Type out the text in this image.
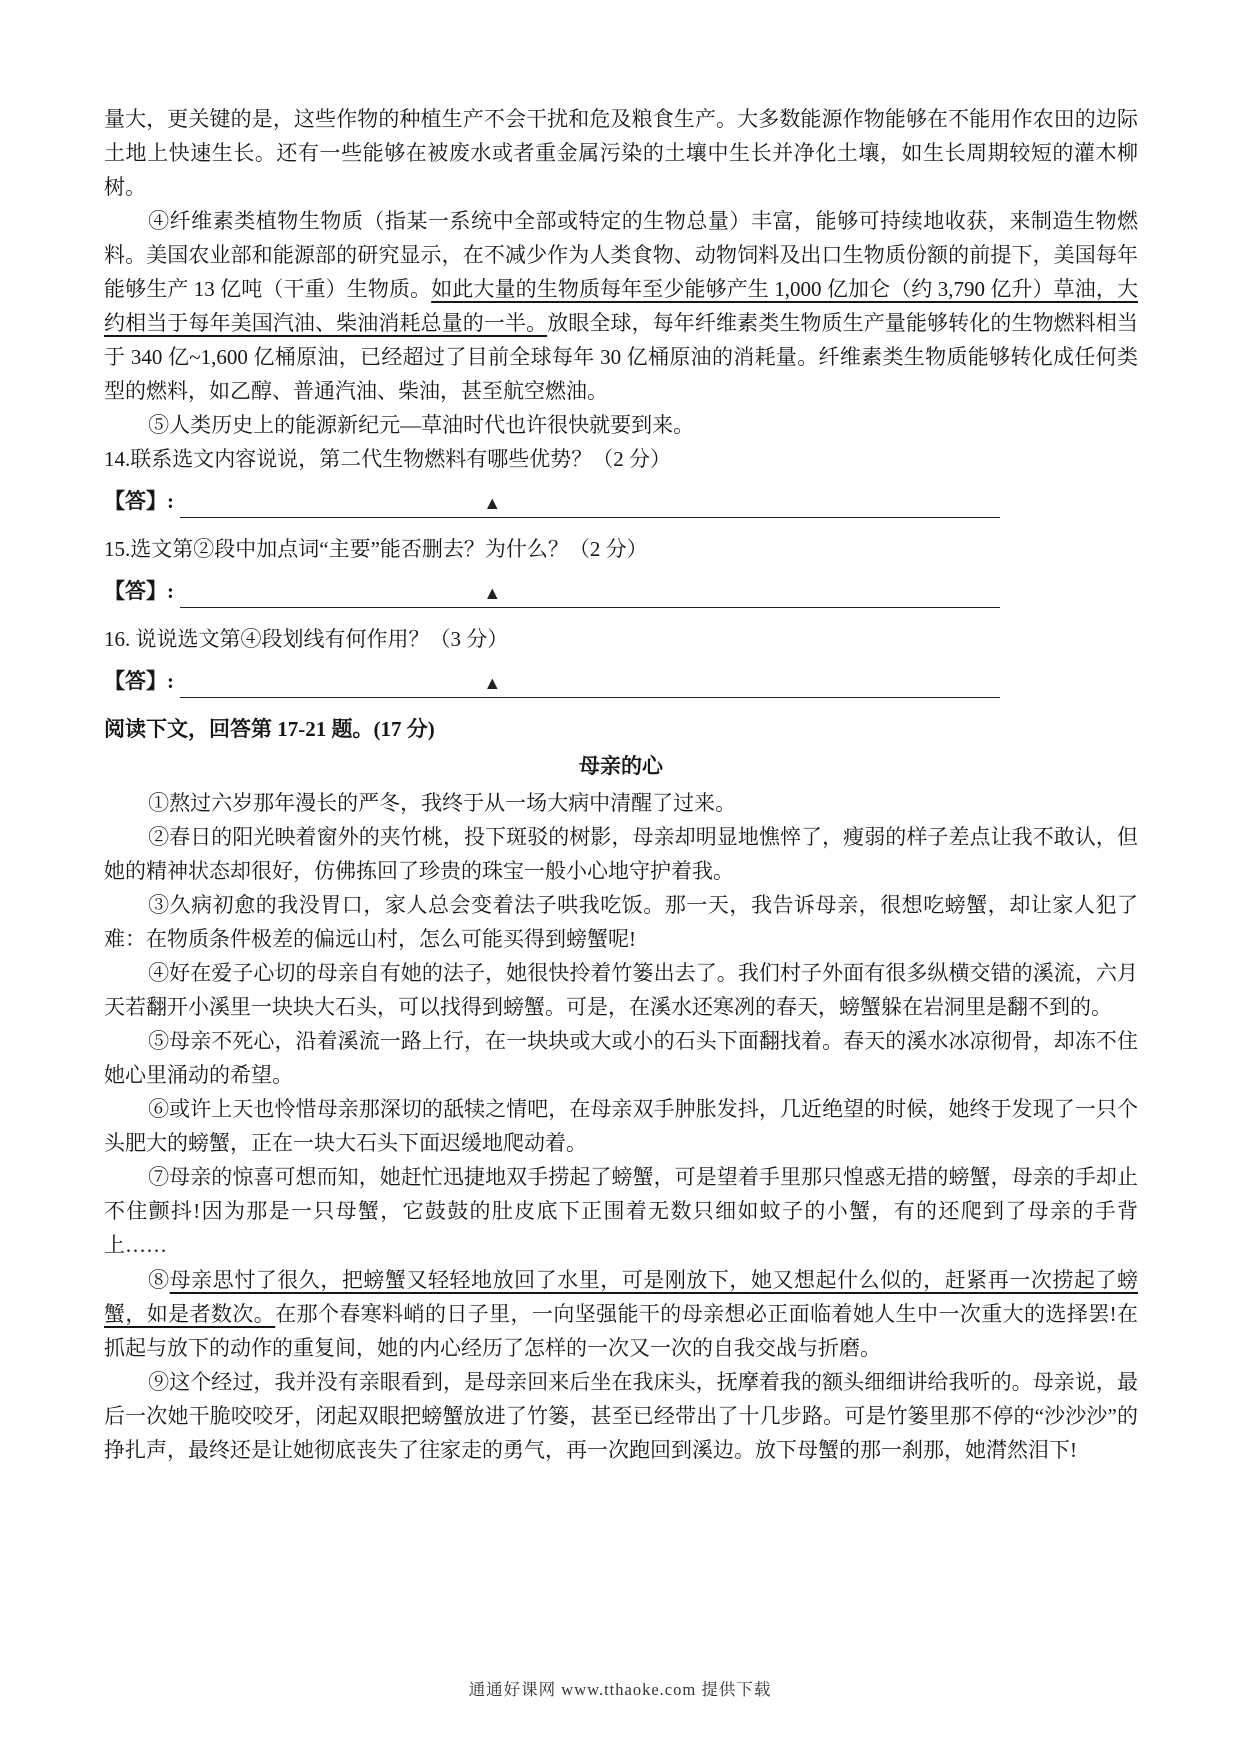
量大，更关键的是，这些作物的种植生产不会干扰和危及粮食生产。大多数能源作物能够在不能用作农田的边际土地上快速生长。还有一些能够在被废水或者重金属污染的土壤中生长并净化土壤，如生长周期较短的灌木柳树。

④纤维素类植物生物质（指某一系统中全部或特定的生物总量）丰富，能够可持续地收获，来制造生物燃料。美国农业部和能源部的研究显示，在不减少作为人类食物、动物饲料及出口生物质份额的前提下，美国每年能够生产 13 亿吨（干重）生物质。如此大量的生物质每年至少能够产生 1,000 亿加仑（约 3,790 亿升）草油，大约相当于每年美国汽油、柴油消耗总量的一半。放眼全球，每年纤维素类生物质生产量能够转化的生物燃料相当于 340 亿~1,600 亿桶原油，已经超过了目前全球每年 30 亿桶原油的消耗量。纤维素类生物质能够转化成任何类型的燃料，如乙醇、普通汽油、柴油，甚至航空燃油。

⑤人类历史上的能源新纪元—草油时代也许很快就要到来。

14.联系选文内容说说，第二代生物燃料有哪些优势？（2 分）

【答】:	▲

15.选文第②段中加点词“主要”能否删去？为什么？（2 分）

【答】:	▲

16. 说说选文第④段划线有何作用？（3 分）

【答】:	▲

阅读下文，回答第 17-21 题。(17 分)

母亲的心

①熬过六岁那年漫长的严冬，我终于从一场大病中清醒了过来。

②春日的阳光映着窗外的夹竹桃，投下斑驳的树影，母亲却明显地憔悴了，瘦弱的样子差点让我不敢认，但她的精神状态却很好，仿佛拣回了珍贵的珠宝一般小心地守护着我。

③久病初愈的我没胃口，家人总会变着法子哄我吃饭。那一天，我告诉母亲，很想吃螃蟹，却让家人犯了难：在物质条件极差的偏远山村，怎么可能买得到螃蟹呢!

④好在爱子心切的母亲自有她的法子，她很快拎着竹篓出去了。我们村子外面有很多纵横交错的溪流，六月天若翻开小溪里一块块大石头，可以找得到螃蟹。可是，在溪水还寒冽的春天，螃蟹躲在岩洞里是翻不到的。

⑤母亲不死心，沿着溪流一路上行，在一块块或大或小的石头下面翻找着。春天的溪水冰凉彻骨，却冻不住她心里涌动的希望。

⑥或许上天也怜惜母亲那深切的舐犊之情吧，在母亲双手肿胀发抖，几近绝望的时候，她终于发现了一只个头肥大的螃蟹，正在一块大石头下面迟缓地爬动着。

⑦母亲的惊喜可想而知，她赶忙迅捷地双手捞起了螃蟹，可是望着手里那只惶惑无措的螃蟹，母亲的手却止不住颤抖!因为那是一只母蟹，它鼓鼓的肚皮底下正围着无数只细如蚊子的小蟹，有的还爬到了母亲的手背上……

⑧母亲思忖了很久，把螃蟹又轻轻地放回了水里，可是刚放下，她又想起什么似的，赶紧再一次捞起了螃蟹，如是者数次。在那个春寒料峭的日子里，一向坚强能干的母亲想必正面临着她人生中一次重大的选择罢!在抓起与放下的动作的重复间，她的内心经历了怎样的一次又一次的自我交战与折磨。

⑨这个经过，我并没有亲眼看到，是母亲回来后坐在我床头，抚摩着我的额头细细讲给我听的。母亲说，最后一次她干脆咬咬牙，闭起双眼把螃蟹放进了竹篓，甚至已经带出了十几步路。可是竹篓里那不停的“沙沙沙”的挣扎声，最终还是让她彻底丧失了往家走的勇气，再一次跑回到溪边。放下母蟹的那一刹那，她潸然泪下!

通通好课网 www.tthaoke.com 提供下载
